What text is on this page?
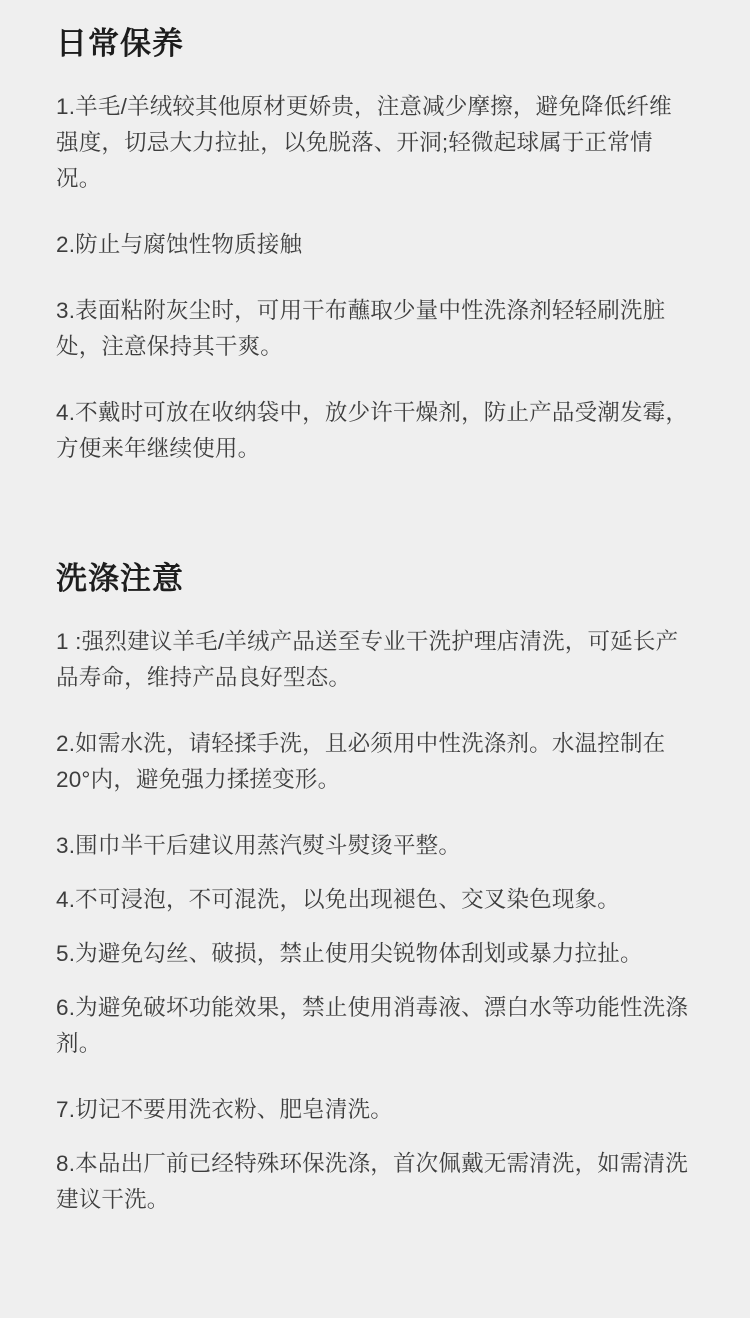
日常保养
1.羊毛/羊绒较其他原材更娇贵，注意减少摩擦，避免降低纤维强度，切忌大力拉扯，以免脱落、开洞;轻微起球属于正常情况。
2.防止与腐蚀性物质接触
3.表面粘附灰尘时，可用干布蘸取少量中性洗涤剂轻轻刷洗脏处，注意保持其干爽。
4.不戴时可放在收纳袋中，放少许干燥剂，防止产品受潮发霉，方便来年继续使用。
洗涤注意
1 :强烈建议羊毛/羊绒产品送至专业干洗护理店清洗，可延长产品寿命，维持产品良好型态。
2.如需水洗，请轻揉手洗，且必须用中性洗涤剂。水温控制在20°内，避免强力揉搓变形。
3.围巾半干后建议用蒸汽熨斗熨烫平整。
4.不可浸泡，不可混洗，以免出现褪色、交叉染色现象。
5.为避免勾丝、破损，禁止使用尖锐物体刮划或暴力拉扯。
6.为避免破坏功能效果，禁止使用消毒液、漂白水等功能性洗涤剂。
7.切记不要用洗衣粉、肥皂清洗。
8.本品出厂前已经特殊环保洗涤，首次佩戴无需清洗，如需清洗建议干洗。
